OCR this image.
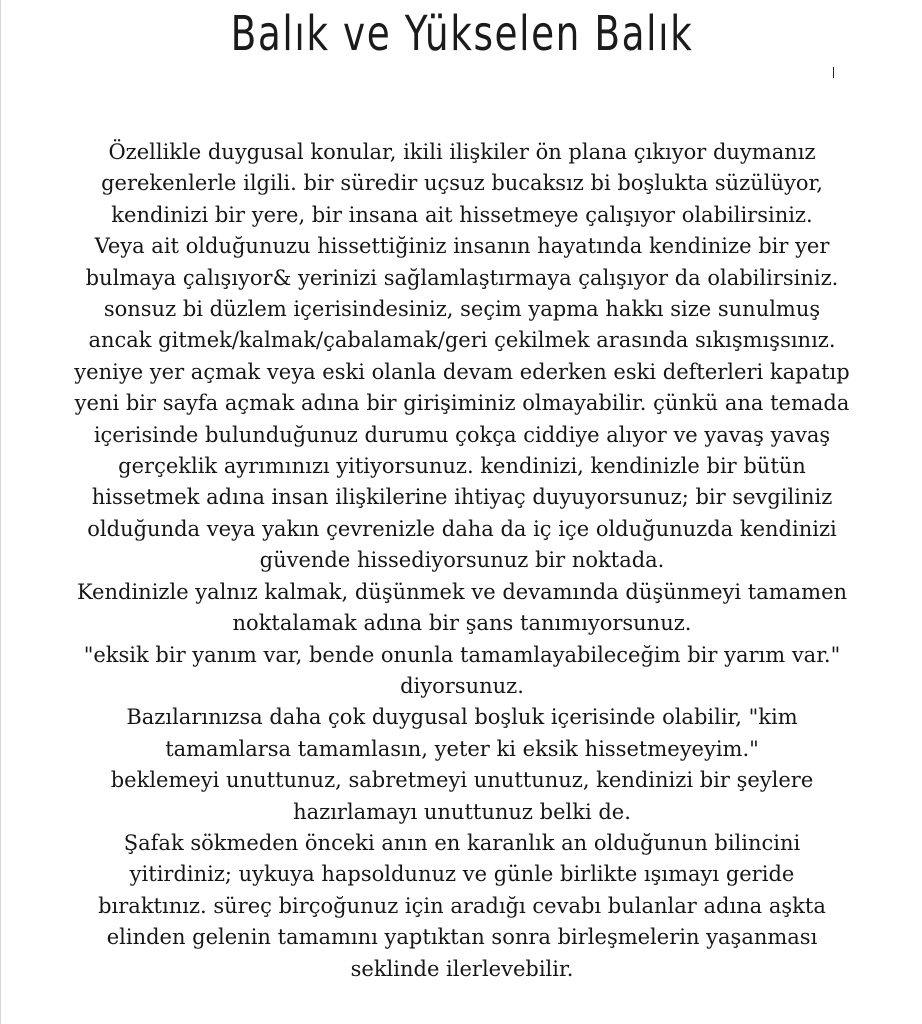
Balık ve Yükselen Balık
Özellikle duygusal konular, ikili ilişkiler ön plana çıkıyor duymanız
gerekenlerle ilgili. bir süredir uçsuz bucaksız bi boşlukta süzülüyor,
kendinizi bir yere, bir insana ait hissetmeye çalışıyor olabilirsiniz.
Veya ait olduğunuzu hissettiğiniz insanın hayatında kendinize bir yer
bulmaya çalışıyor& yerinizi sağlamlaştırmaya çalışıyor da olabilirsiniz.
sonsuz bi düzlem içerisindesiniz, seçim yapma hakkı size sunulmuş
ancak gitmek/kalmak/çabalamak/geri çekilmek arasında sıkışmışsınız.
yeniye yer açmak veya eski olanla devam ederken eski defterleri kapatıp
yeni bir sayfa açmak adına bir girişiminiz olmayabilir. çünkü ana temada
içerisinde bulunduğunuz durumu çokça ciddiye alıyor ve yavaş yavaş
gerçeklik ayrımınızı yitiyorsunuz. kendinizi, kendinizle bir bütün
hissetmek adına insan ilişkilerine ihtiyaç duyuyorsunuz; bir sevgiliniz
olduğunda veya yakın çevrenizle daha da iç içe olduğunuzda kendinizi
güvende hissediyorsunuz bir noktada.
Kendinizle yalnız kalmak, düşünmek ve devamında düşünmeyi tamamen
noktalamak adına bir şans tanımıyorsunuz.
"eksik bir yanım var, bende onunla tamamlayabileceğim bir yarım var."
diyorsunuz.
Bazılarınızsa daha çok duygusal boşluk içerisinde olabilir, "kim
tamamlarsa tamamlasın, yeter ki eksik hissetmeyeyim."
beklemeyi unuttunuz, sabretmeyi unuttunuz, kendinizi bir şeylere
hazırlamayı unuttunuz belki de.
Şafak sökmeden önceki anın en karanlık an olduğunun bilincini
yitirdiniz; uykuya hapsoldunuz ve günle birlikte ışımayı geride
bıraktınız. süreç birçoğunuz için aradığı cevabı bulanlar adına aşkta
elinden gelenin tamamını yaptıktan sonra birleşmelerin yaşanması
seklinde ilerlevebilir.
